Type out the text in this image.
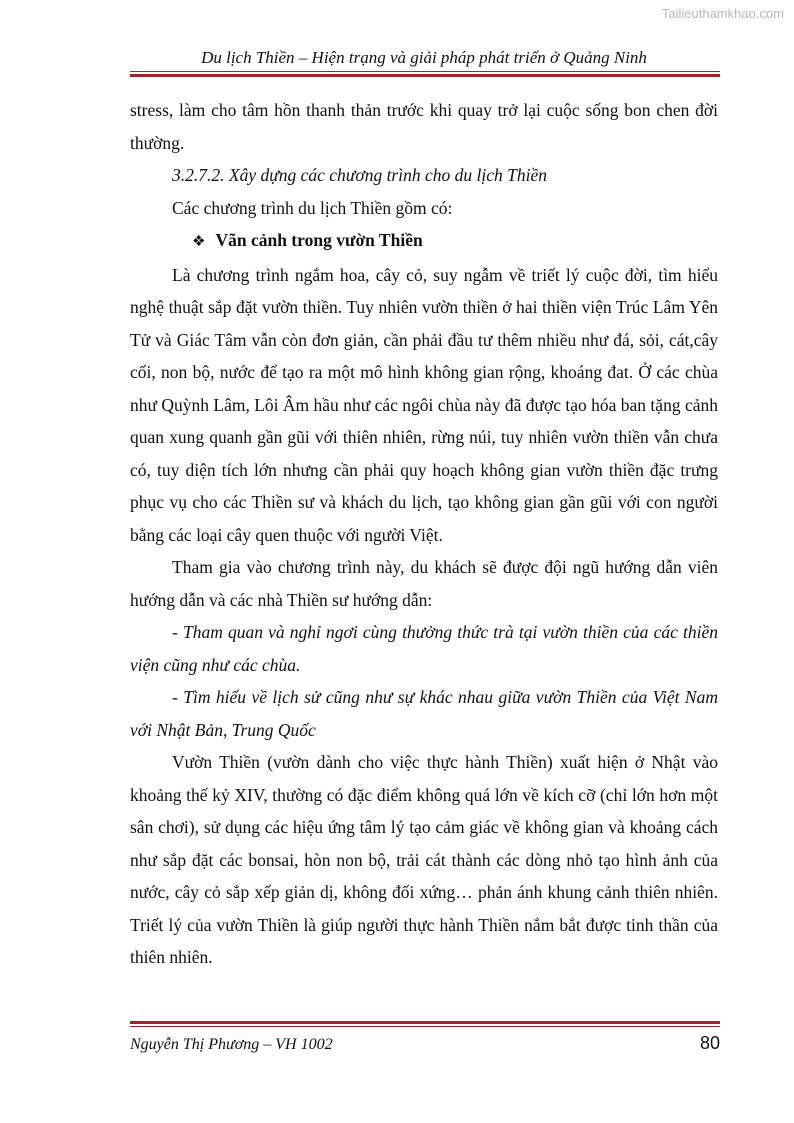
Tailieuthamkhao.com
Du lịch Thiền – Hiện trạng và giải pháp phát triển ở Quảng Ninh

stress, làm cho tâm hồn thanh thản trước khi quay trở lại cuộc sống bon chen đời thường.

3.2.7.2. Xây dựng các chương trình cho du lịch Thiền

Các chương trình du lịch Thiền gồm có:

❖ Vãn cảnh trong vườn Thiền

Là chương trình ngắm hoa, cây cỏ, suy ngẫm về triết lý cuộc đời, tìm hiểu nghệ thuật sắp đặt vườn thiền. Tuy nhiên vườn thiền ở hai thiền viện Trúc Lâm Yên Tử và Giác Tâm vẫn còn đơn giản, cần phải đầu tư thêm nhiều như đá, sỏi, cát,cây cối, non bộ, nước để tạo ra một mô hình không gian rộng, khoáng đat. Ở các chùa như Quỳnh Lâm, Lôi Âm hầu như các ngôi chùa này đã được tạo hóa ban tặng cảnh quan xung quanh gần gũi với thiên nhiên, rừng núi, tuy nhiên vườn thiền vẫn chưa có, tuy diện tích lớn nhưng cần phải quy hoạch không gian vườn thiền đặc trưng phục vụ cho các Thiền sư và khách du lịch, tạo không gian gần gũi với con người bằng các loại cây quen thuộc với người Việt.

Tham gia vào chương trình này, du khách sẽ được đội ngũ hướng dẫn viên hướng dẫn và các nhà Thiền sư hướng dẫn:

- Tham quan và nghỉ ngơi cùng thưởng thức trà tại vườn thiền của các thiền viện cũng như các chùa.

- Tìm hiểu về lịch sử cũng như sự khác nhau giữa vườn Thiền của Việt Nam với Nhật Bản, Trung Quốc

Vườn Thiền (vườn dành cho việc thực hành Thiền) xuất hiện ở Nhật vào khoảng thế kỷ XIV, thường có đặc điểm không quá lớn về kích cỡ (chỉ lớn hơn một sân chơi), sử dụng các hiệu ứng tâm lý tạo cảm giác về không gian và khoảng cách như sắp đặt các bonsai, hòn non bộ, trải cát thành các dòng nhỏ tạo hình ảnh của nước, cây cỏ sắp xếp giản dị, không đối xứng… phản ánh khung cảnh thiên nhiên. Triết lý của vườn Thiền là giúp người thực hành Thiền nắm bắt được tinh thần của thiên nhiên.

Nguyễn Thị Phương – VH 1002	80
